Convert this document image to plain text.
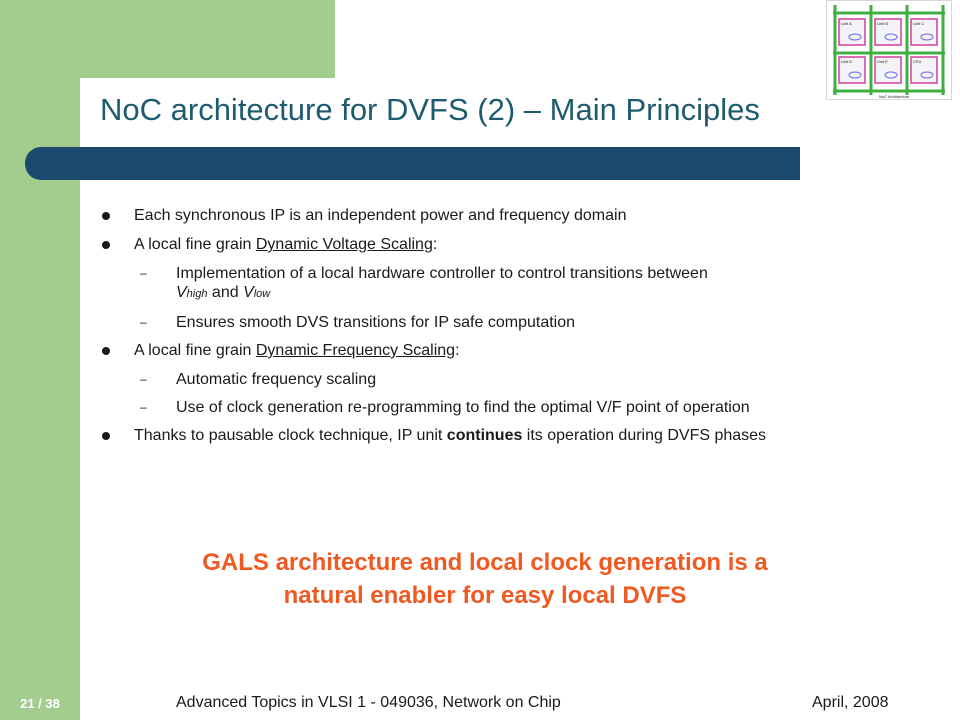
NoC architecture for DVFS (2) – Main Principles
Unit A	Unit B	Unit C
Unit D	Unit E	CPU
NoC Architecture
Each synchronous IP is an independent power and frequency domain
A local fine grain Dynamic Voltage Scaling:
– Implementation of a local hardware controller to control transitions between
Vhigh and Vlow
– Ensures smooth DVS transitions for IP safe computation
A local fine grain Dynamic Frequency Scaling:
– Automatic frequency scaling
– Use of clock generation re-programming to find the optimal V/F point of operation
Thanks to pausable clock technique, IP unit continues its operation during DVFS phases
GALS architecture and local clock generation is a
natural enabler for easy local DVFS
21 / 38	Advanced Topics in VLSI 1 - 049036, Network on Chip	April, 2008
